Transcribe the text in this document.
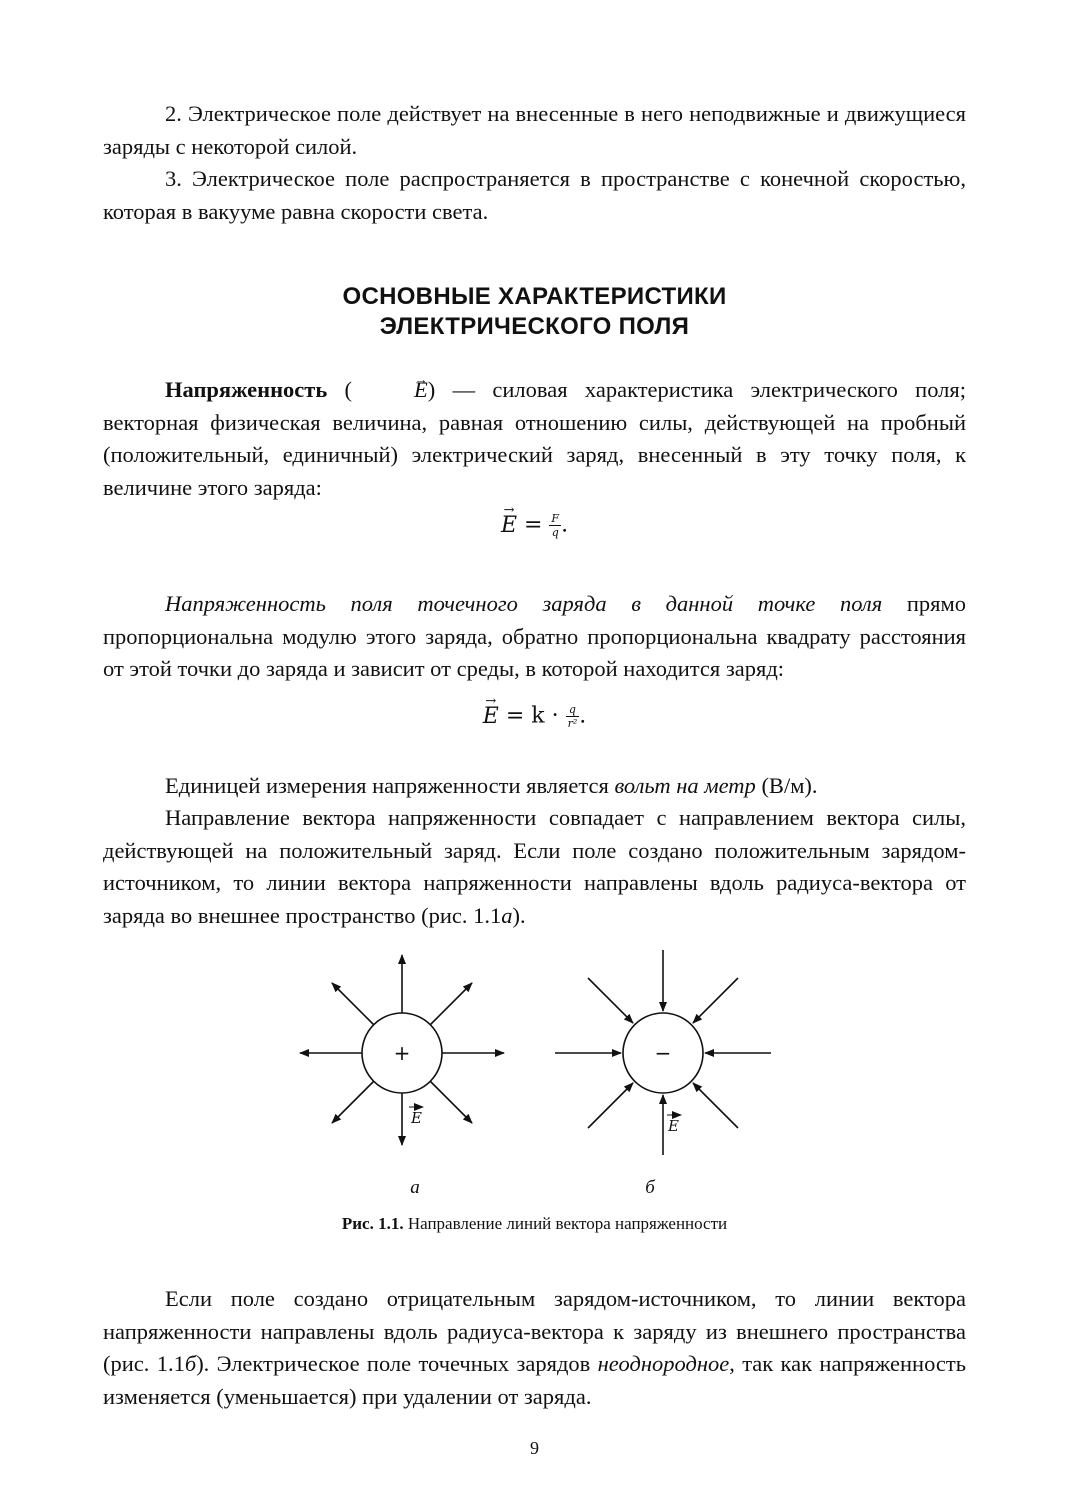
2. Электрическое поле действует на внесенные в него неподвижные и движущиеся заряды с некоторой силой.
3. Электрическое поле распространяется в пространстве с конечной скоростью, которая в вакууме равна скорости света.
ОСНОВНЫЕ ХАРАКТЕРИСТИКИ
ЭЛЕКТРИЧЕСКОГО ПОЛЯ
Напряженность (→	E) — силовая характеристика электрического поля; векторная физическая величина, равная отношению силы, действующей на пробный (положительный, единичный) электрический заряд, внесенный в эту точку поля, к величине этого заряда:
→ $E = \frac{F}{q}$ .
Напряженность поля точечного заряда в данной точке поля прямо пропорциональна модулю этого заряда, обратно пропорциональна квадрату расстояния от этой точки до заряда и зависит от среды, в которой находится заряд:
→ $E = k \cdot \frac{q}{\text{r²}}$ .
Единицей измерения напряженности является вольт на метр (В/м).
Направление вектора напряженности совпадает с направлением вектора силы, действующей на положительный заряд. Если поле создано положительным зарядом-источником, то линии вектора напряженности направлены вдоль радиуса-вектора от заряда во внешнее пространство (рис. 1.1а).
+
E
а
−
E
б
Рис. 1.1. Направление линий вектора напряженности
Если поле создано отрицательным зарядом-источником, то линии вектора напряженности направлены вдоль радиуса-вектора к заряду из внешнего пространства (рис. 1.1б). Электрическое поле точечных зарядов неоднородное, так как напряженность изменяется (уменьшается) при удалении от заряда.
9
